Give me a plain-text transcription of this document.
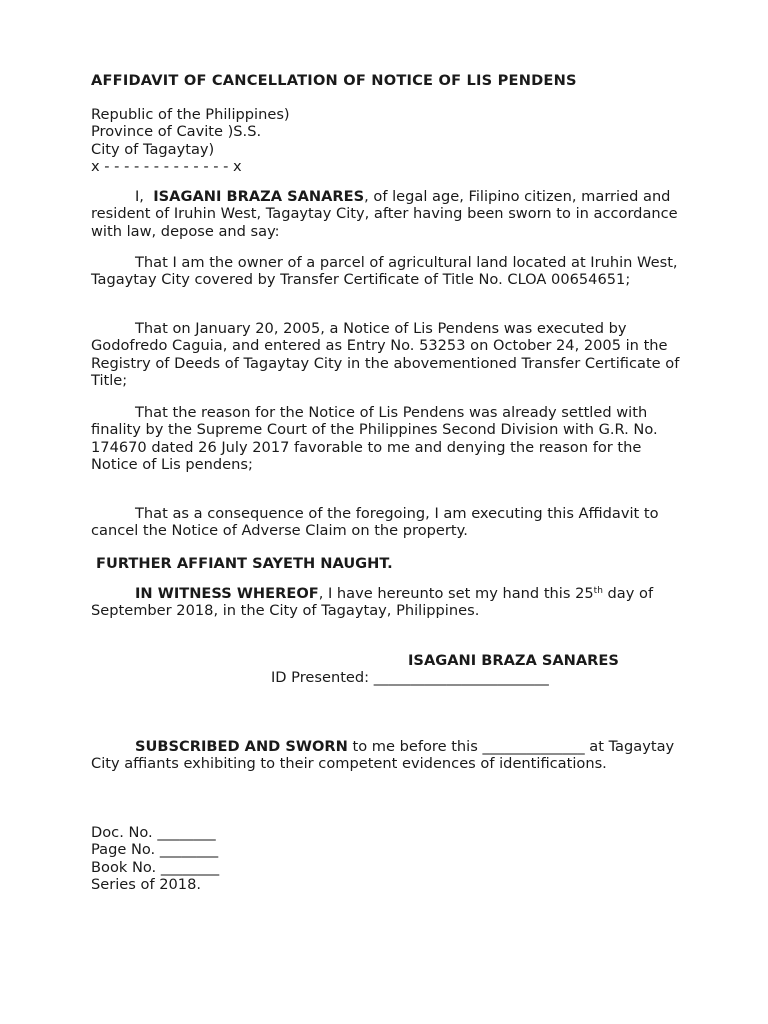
AFFIDAVIT OF CANCELLATION OF NOTICE OF LIS PENDENS
Republic of the Philippines)
Province of Cavite )S.S.
City of Tagaytay)
x - - - - - - - - - - - - - x

I,  ISAGANI BRAZA SANARES, of legal age, Filipino citizen, married and resident of Iruhin West, Tagaytay City, after having been sworn to in accordance with law, depose and say:

That I am the owner of a parcel of agricultural land located at Iruhin West, Tagaytay City covered by Transfer Certificate of Title No. CLOA 00654651;

That on January 20, 2005, a Notice of Lis Pendens was executed by Godofredo Caguia, and entered as Entry No. 53253 on October 24, 2005 in the Registry of Deeds of Tagaytay City in the abovementioned Transfer Certificate of Title;

That the reason for the Notice of Lis Pendens was already settled with finality by the Supreme Court of the Philippines Second Division with G.R. No. 174670 dated 26 July 2017 favorable to me and denying the reason for the Notice of Lis pendens;

That as a consequence of the foregoing, I am executing this Affidavit to cancel the Notice of Adverse Claim on the property.

FURTHER AFFIANT SAYETH NAUGHT.

IN WITNESS WHEREOF, I have hereunto set my hand this 25th day of September 2018, in the City of Tagaytay, Philippines.

ISAGANI BRAZA SANARES
ID Presented: ________________________

SUBSCRIBED AND SWORN to me before this ______________ at Tagaytay City affiants exhibiting to their competent evidences of identifications.

Doc. No. ________
Page No. ________
Book No. ________
Series of 2018.
